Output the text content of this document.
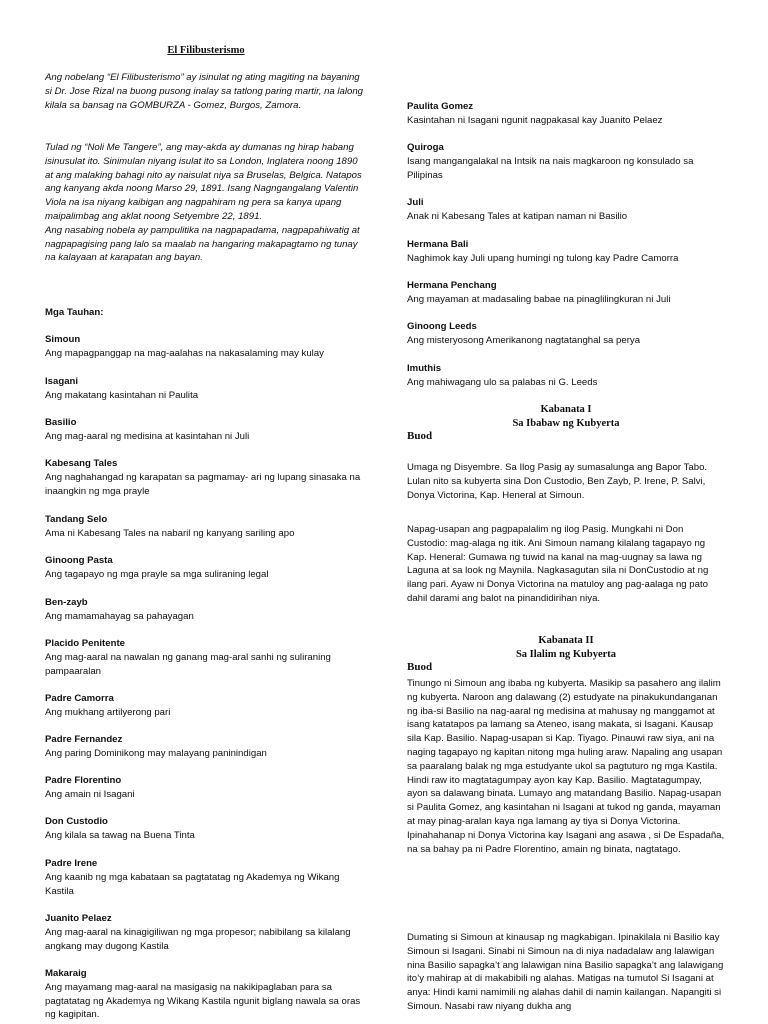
El Filibusterismo

Ang nobelang “El Filibusterismo” ay isinulat ng ating magiting na bayaning si Dr. Jose Rizal na buong pusong inalay sa tatlong paring martir, na lalong kilala sa bansag na GOMBURZA - Gomez, Burgos, Zamora.

Tulad ng “Noli Me Tangere”, ang may-akda ay dumanas ng hirap habang isinusulat ito. Sinimulan niyang isulat ito sa London, Inglatera noong 1890 at ang malaking bahagi nito ay naisulat niya sa Bruselas, Belgica. Natapos ang kanyang akda noong Marso 29, 1891. Isang Nagngangalang Valentin Viola na isa niyang kaibigan ang nagpahiram ng pera sa kanya upang maipalimbag ang aklat noong Setyembre 22, 1891.
Ang nasabing nobela ay pampulitika na nagpapadama, nagpapahiwatig at nagpapagising pang lalo sa maalab na hangaring makapagtamo ng tunay na kalayaan at karapatan ang bayan.

Mga Tauhan:

Simoun
Ang mapagpanggap na mag-aalahas na nakasalaming may kulay
Isagani
Ang makatang kasintahan ni Paulita
Basilio
Ang mag-aaral ng medisina at kasintahan ni Juli
Kabesang Tales
Ang naghahangad ng karapatan sa pagmamay- ari ng lupang sinasaka na inaangkin ng mga prayle
Tandang Selo
Ama ni Kabesang Tales na nabaril ng kanyang sariling apo
Ginoong Pasta
Ang tagapayo ng mga prayle sa mga suliraning legal
Ben-zayb
Ang mamamahayag sa pahayagan
Placido Penitente
Ang mag-aaral na nawalan ng ganang mag-aral sanhi ng suliraning pampaaralan
Padre Camorra
Ang mukhang artilyerong pari
Padre Fernandez
Ang paring Dominikong may malayang paninindigan
Padre Florentino
Ang amain ni Isagani
Don Custodio
Ang kilala sa tawag na Buena Tinta
Padre Irene
Ang kaanib ng mga kabataan sa pagtatatag ng Akademya ng Wikang Kastila
Juanito Pelaez
Ang mag-aaral na kinagigiliwan ng mga propesor; nabibilang sa kilalang angkang may dugong Kastila
Makaraig
Ang mayamang mag-aaral na masigasig na nakikipaglaban para sa pagtatatag ng Akademya ng Wikang Kastila ngunit biglang nawala sa oras ng kagipitan.
Paulita Gomez
Kasintahan ni Isagani ngunit nagpakasal kay Juanito Pelaez
Quiroga
Isang mangangalakal na Intsik na nais magkaroon ng konsulado sa Pilipinas
Juli
Anak ni Kabesang Tales at katipan naman ni Basilio
Hermana Bali
Naghimok kay Juli upang humingi ng tulong kay Padre Camorra
Hermana Penchang
Ang mayaman at madasaling babae na pinaglilingkuran ni Juli
Ginoong Leeds
Ang misteryosong Amerikanong nagtatanghal sa perya
Imuthis
Ang mahiwagang ulo sa palabas ni G. Leeds
Kabanata I
Sa Ibabaw ng Kubyerta
Buod

Umaga ng Disyembre. Sa Ilog Pasig ay sumasalunga ang Bapor Tabo. Lulan nito sa kubyerta sina Don Custodio, Ben Zayb, P. Irene, P. Salvi, Donya Victorina, Kap. Heneral at Simoun.

Napag-usapan ang pagpapalalim ng ilog Pasig. Mungkahi ni Don Custodio: mag-alaga ng itik. Ani Simoun namang kilalang tagapayo ng Kap. Heneral: Gumawa ng tuwid na kanal na mag-uugnay sa lawa ng Laguna at sa look ng Maynila. Nagkasagutan sila ni DonCustodio at ng ilang pari. Ayaw ni Donya Victorina na matuloy ang pag-aalaga ng pato dahil darami ang balot na pinandidirihan niya.

Kabanata II
Sa Ilalim ng Kubyerta
Buod

Tinungo ni Simoun ang ibaba ng kubyerta. Masikip sa pasahero ang ilalim ng kubyerta. Naroon ang dalawang (2) estudyate na pinakukundanganan ng iba-si Basilio na nag-aaral ng medisina at mahusay ng manggamot at isang katatapos pa lamang sa Ateneo, isang makata, si Isagani. Kausap sila Kap. Basilio. Napag-usapan si Kap. Tiyago. Pinauwi raw siya, ani na naging tagapayo ng kapitan nitong mga huling araw. Napaling ang usapan sa paaralang balak ng mga estudyante ukol sa pagtuturo ng mga Kastila. Hindi raw ito magtatagumpay ayon kay Kap. Basilio. Magtatagumpay, ayon sa dalawang binata. Lumayo ang matandang Basilio. Napag-usapan si Paulita Gomez, ang kasintahan ni Isagani at tukod ng ganda, mayaman at may pinag-aralan kaya nga lamang ay tiya si Donya Victorina. Ipinahahanap ni Donya Victorina kay Isagani ang asawa , si De Espadaña, na sa bahay pa ni Padre Florentino, amain ng binata, nagtatago.

Dumating si Simoun at kinausap ng magkabigan. Ipinakilala ni Basilio kay Simoun si Isagani. Sinabi ni Simoun na di niya nadadalaw ang lalawigan nina Basilio sapagka’t ang lalawigan nina Basilio sapagka’t ang lalawigang ito’y mahirap at di makabibili ng alahas. Matigas na tumutol Si Isagani at anya: Hindi kami namimili ng alahas dahil di namin kailangan. Napangiti si Simoun. Nasabi raw niyang dukha ang
